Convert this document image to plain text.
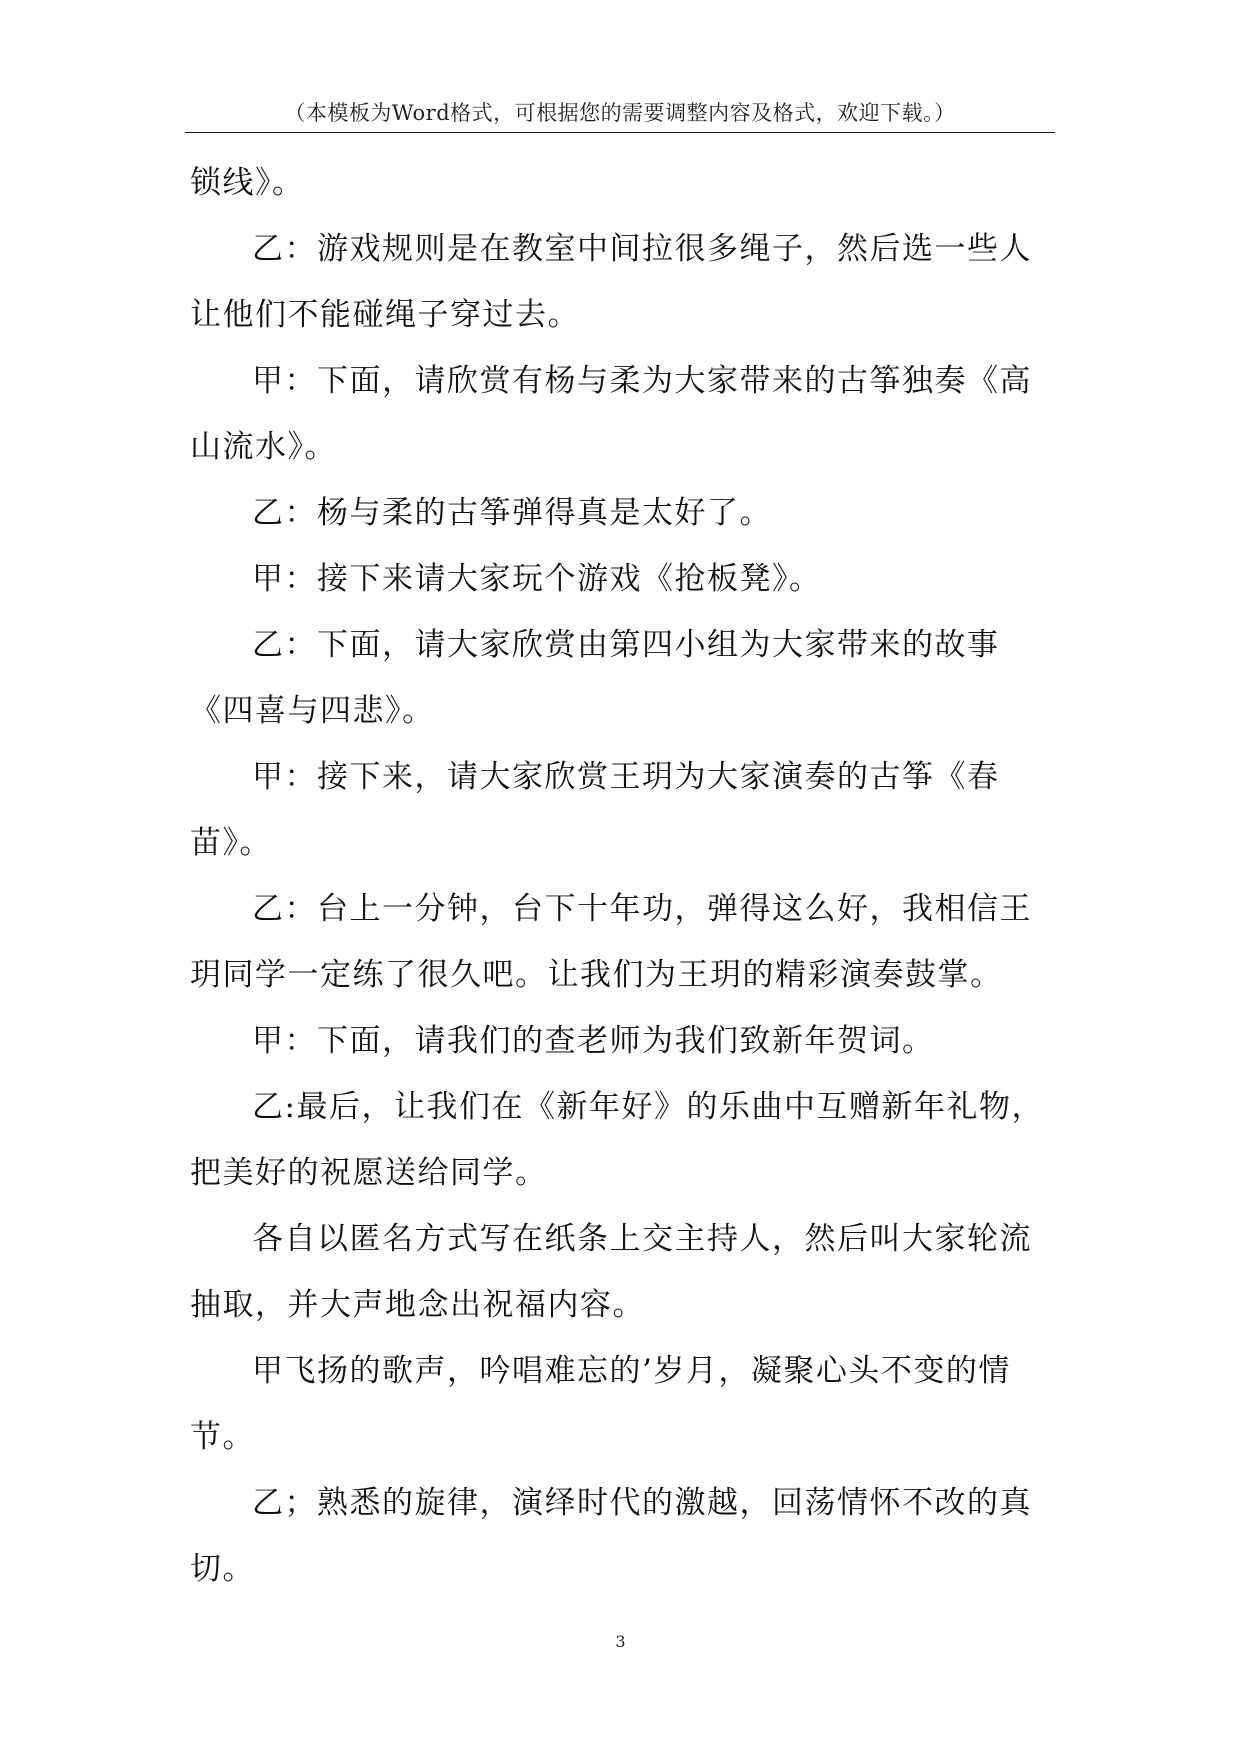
（本模板为Word格式，可根据您的需要调整内容及格式，欢迎下载。）

锁线》。

乙：游戏规则是在教室中间拉很多绳子，然后选一些人让他们不能碰绳子穿过去。

甲：下面，请欣赏有杨与柔为大家带来的古筝独奏《高山流水》。

乙：杨与柔的古筝弹得真是太好了。

甲：接下来请大家玩个游戏《抢板凳》。

乙：下面，请大家欣赏由第四小组为大家带来的故事《四喜与四悲》。

甲：接下来，请大家欣赏王玥为大家演奏的古筝《春苗》。

乙：台上一分钟，台下十年功，弹得这么好，我相信王玥同学一定练了很久吧。让我们为王玥的精彩演奏鼓掌。

甲：下面，请我们的查老师为我们致新年贺词。

乙:最后，让我们在《新年好》的乐曲中互赠新年礼物，把美好的祝愿送给同学。

各自以匿名方式写在纸条上交主持人，然后叫大家轮流抽取，并大声地念出祝福内容。

甲飞扬的歌声，吟唱难忘的’岁月，凝聚心头不变的情节。

乙；熟悉的旋律，演绎时代的激越，回荡情怀不改的真切。

3
